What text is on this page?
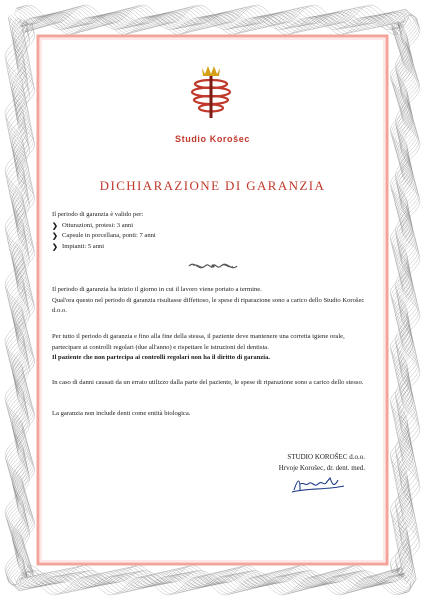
Studio Korošec
DICHIARAZIONE DI GARANZIA
Il periodo di garanzia è valido per:
❯ Otturazioni, protesi: 3 anni
❯ Capsule in porcellana, ponti: 7 anni
❯ Impianti: 5 anni
Il periodo di garanzia ha inizio il giorno in cui il lavoro viene portato a termine.
Qual'ora questo nel periodo di garanzia risultasse diffettoso, le spese di riparazione sono a carico dello Studio Korošec d.o.o.
Per tutto il periodo di garanzia e fino alla fine della stessa, il paziente deve mantenere una corretta igiene orale, partecipare ai controlli regolari (due all'anno) e rispettare le istruzioni del dentista.
Il paziente che non partecipa ai controlli regolari non ha il diritto di garanzia.
In caso di danni causati da un errato utilizzo dalla parte del paziente, le spese di riparazione sono a carico dello stesso.
La garanzia non include denti come entità biologica.
STUDIO KOROŠEC d.o.o.
Hrvoje Korošec, dr. dent. med.
